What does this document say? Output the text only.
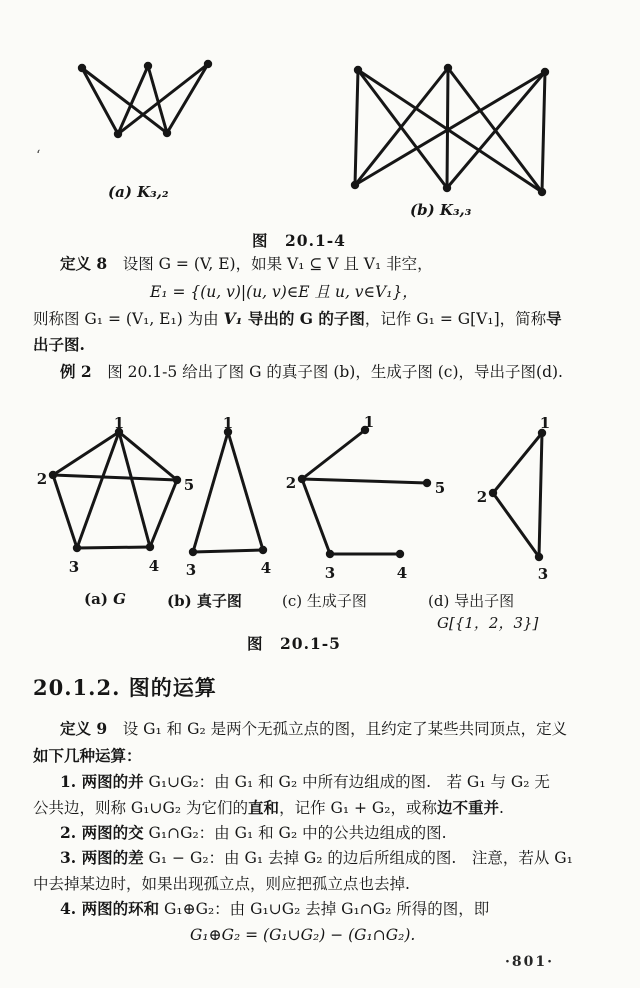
ʻ
(a) K₃,₂
(b) K₃,₃
图　20.1-4
定义 8　设图 G = (V, E)，如果 V₁ ⊆ V 且 V₁ 非空，
E₁ = {(u, v)|(u, v)∈E 且 u, v∈V₁}，
则称图 G₁ = (V₁, E₁) 为由 V₁ 导出的 G 的子图，记作 G₁ = G[V₁]，简称导
出子图.
例 2　图 20.1-5 给出了图 G 的真子图 (b)，生成子图 (c)，导出子图(d).
1
2	5
3	4
1
3	4
1
2	5
3	4
1
2
3
(a) G	(b) 真子图	(c) 生成子图	(d) 导出子图
G[{1，2，3}]
图　20.1-5
20.1.2. 图的运算
定义 9　设 G₁ 和 G₂ 是两个无孤立点的图，且约定了某些共同顶点，定义
如下几种运算：
1. 两图的并 G₁∪G₂：由 G₁ 和 G₂ 中所有边组成的图.　若 G₁ 与 G₂ 无
公共边，则称 G₁∪G₂ 为它们的直和，记作 G₁ + G₂，或称边不重并.
2. 两图的交 G₁∩G₂：由 G₁ 和 G₂ 中的公共边组成的图.
3. 两图的差 G₁ − G₂：由 G₁ 去掉 G₂ 的边后所组成的图.　注意，若从 G₁
中去掉某边时，如果出现孤立点，则应把孤立点也去掉.
4. 两图的环和 G₁⊕G₂：由 G₁∪G₂ 去掉 G₁∩G₂ 所得的图，即
G₁⊕G₂ = (G₁∪G₂) − (G₁∩G₂).
·801·
